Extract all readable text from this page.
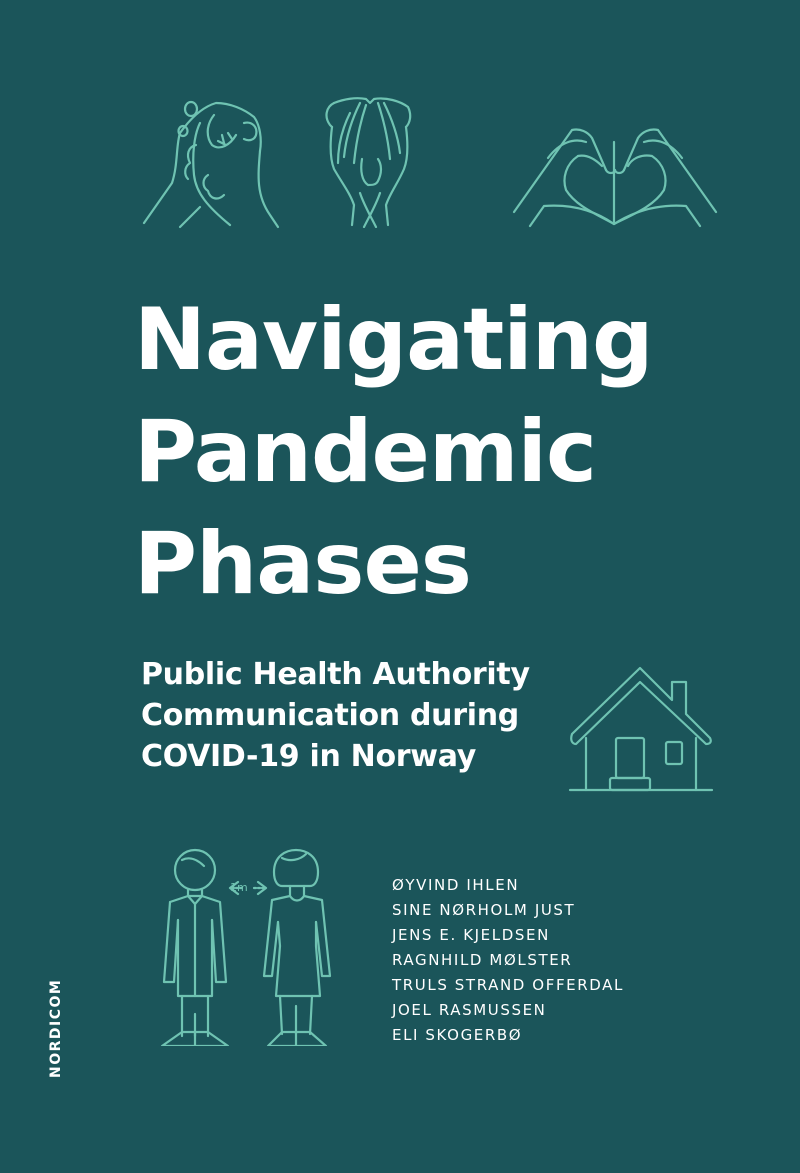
Navigating
Pandemic
Phases
Public Health Authority
Communication during
COVID-19 in Norway
1m	ØYVIND IHLEN
SINE NØRHOLM JUST
JENS E. KJELDSEN
RAGNHILD MØLSTER
TRULS STRAND OFFERDAL
JOEL RASMUSSEN
ELI SKOGERBØ
NORDICOM
